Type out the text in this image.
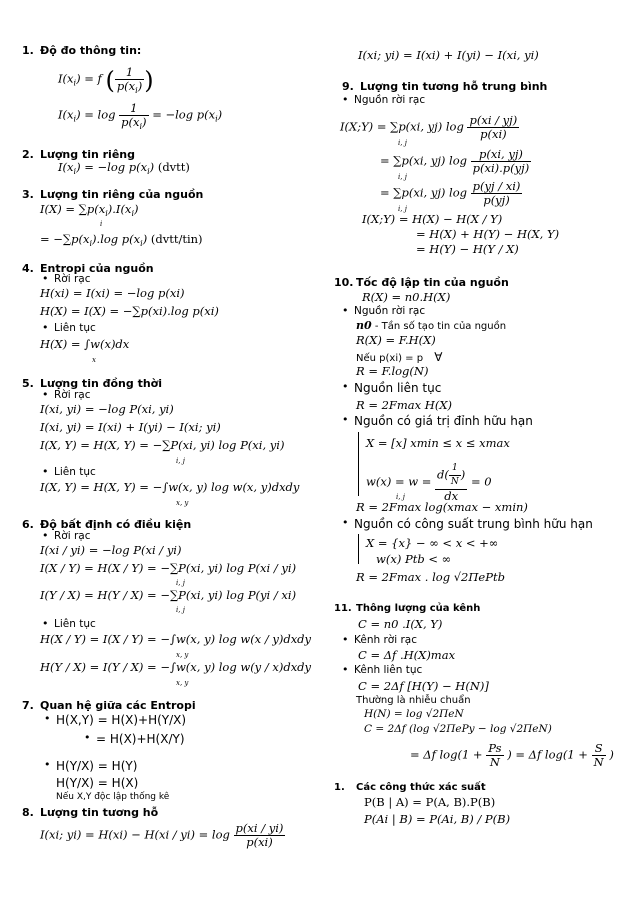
1. Độ đo thông tin:
$I(x_i) = f$ ( $\frac{1}{p(x_i)}$ )
$I(x_i) = \log \frac{1}{p(x_i)} = -\log$ $p(x_i)$
2. Lượng tin riêng
$I(x_i) = -\log$ $p(x_i)$ (dvtt)
3. Lượng tin riêng của nguồn
$I(X) = \sum p(x_i).I(x_i)$
i
= $-\sum p(x_i).\log$ $p(x_i)$ (dvtt/tin)
4. Entropi của nguồn
• Rời rạc
H(xi) = I(xi) = −log p(xi)
H(X) = I(X) = −∑p(xi).log p(xi)
• Liên tục
H(X) = ∫w(x)dx
x
5. Lượng tin đồng thời
• Rời rạc
I(xi, yi) = −log P(xi, yi)
I(xi, yi) = I(xi) + I(yi) − I(xi; yi)
I(X, Y) = H(X, Y) = −∑P(xi, yi) log P(xi, yi)
i, j
• Liên tục
I(X, Y) = H(X, Y) = −∫w(x, y) log w(x, y)dxdy
x, y
6. Độ bất định có điều kiện
• Rời rạc
I(xi / yi) = −log P(xi / yi)
I(X / Y) = H(X / Y) = −∑P(xi, yi) log P(xi / yi)
i, j
I(Y / X) = H(Y / X) = −∑P(xi, yi) log P(yi / xi)
i, j
• Liên tục
H(X / Y) = I(X / Y) = −∫w(x, y) log w(x / y)dxdy
x, y
H(Y / X) = I(Y / X) = −∫w(x, y) log w(y / x)dxdy
x, y
7. Quan hệ giữa các Entropi
• H(X,Y) = H(X)+H(Y/X)
• = H(X)+H(X/Y)
• H(Y/X) = H(Y)
H(Y/X) = H(X)
Nếu X,Y độc lập thống kê
8. Lượng tin tương hỗ
I(xi; $yi) = H(xi) - H(xi / yi) = \log \frac{p(xi / yi)}{p(xi)}$
I(xi; yi) = I(xi) + I(yi) − I(xi, yi)
9. Lượng tin tương hỗ trung bình
• Nguồn rời rạc
I(X;Y) = ∑p(xi, yj) $\log \frac{p(xi / yj)}{p(xi)}$
i, j
= ∑p(xi, yj) $\log \frac{p(xi, yj)}{p(xi).p(yj)}$
i, j
= ∑p(xi, yj) $\log \frac{p(yj / xi)}{p(yj)}$
i, j
I(X;Y) = H(X) − H(X / Y)
= H(X) + H(Y) − H(X, Y)
= H(Y) − H(Y / X)
10. Tốc độ lập tin của nguồn
R(X) = n0.H(X)
• Nguồn rời rạc
n0 - Tần số tạo tin của nguồn
R(X) = F.H(X)
Nếu p(xi) = p ∀
R = F.log(N)
• Nguồn liên tục
R = 2Fmax H(X)
• Nguồn có giá trị đỉnh hữu hạn
X = [x] xmin ≤ x ≤ xmax
$w(x) = w = \frac{d( \frac{1}{N} )}{dx} = 0$
i, j
R = 2Fmax log(xmax − xmin)
• Nguồn có công suất trung bình hữu hạn
X = {x} − ∞ < x < +∞
w(x) Ptb < ∞
R = 2Fmax . log √2ΠePtb
11. Thông lượng của kênh
C = n0 .I(X, Y)
• Kênh rời rạc
C = Δf .H(X)max
• Kênh liên tục
C = 2Δf [H(Y) − H(N)]
Thường là nhiễu chuẩn
H(N) = log √2ΠeN
C = 2Δf (log √2ΠePy − log √2ΠeN)
= Δf $\log(1 + \frac{Ps}{N}$ ) = Δf $\log(1 + \frac{S}{N}$ )
1. Các công thức xác suất
P(B | A) = P(A, B).P(B)
P(Ai | B) = P(Ai, B) / P(B)
